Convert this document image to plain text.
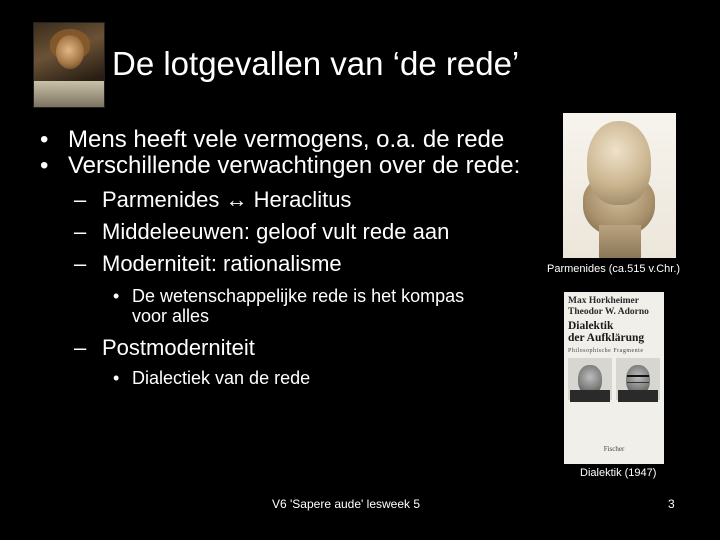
De lotgevallen van ‘de rede’
• Mens heeft vele vermogens, o.a. de rede
• Verschillende verwachtingen over de rede:
– Parmenides ↔ Heraclitus
– Middeleeuwen: geloof vult rede aan
– Moderniteit: rationalisme
• De wetenschappelijke rede is het kompas voor alles
– Postmoderniteit
• Dialectiek van de rede
Parmenides (ca.515 v.Chr.)
Max Horkheimer
Theodor W. Adorno
Dialektik
der Aufklärung
Philosophische Fragmente
Fischer
Dialektik (1947)
V6 'Sapere aude' lesweek 5	3
